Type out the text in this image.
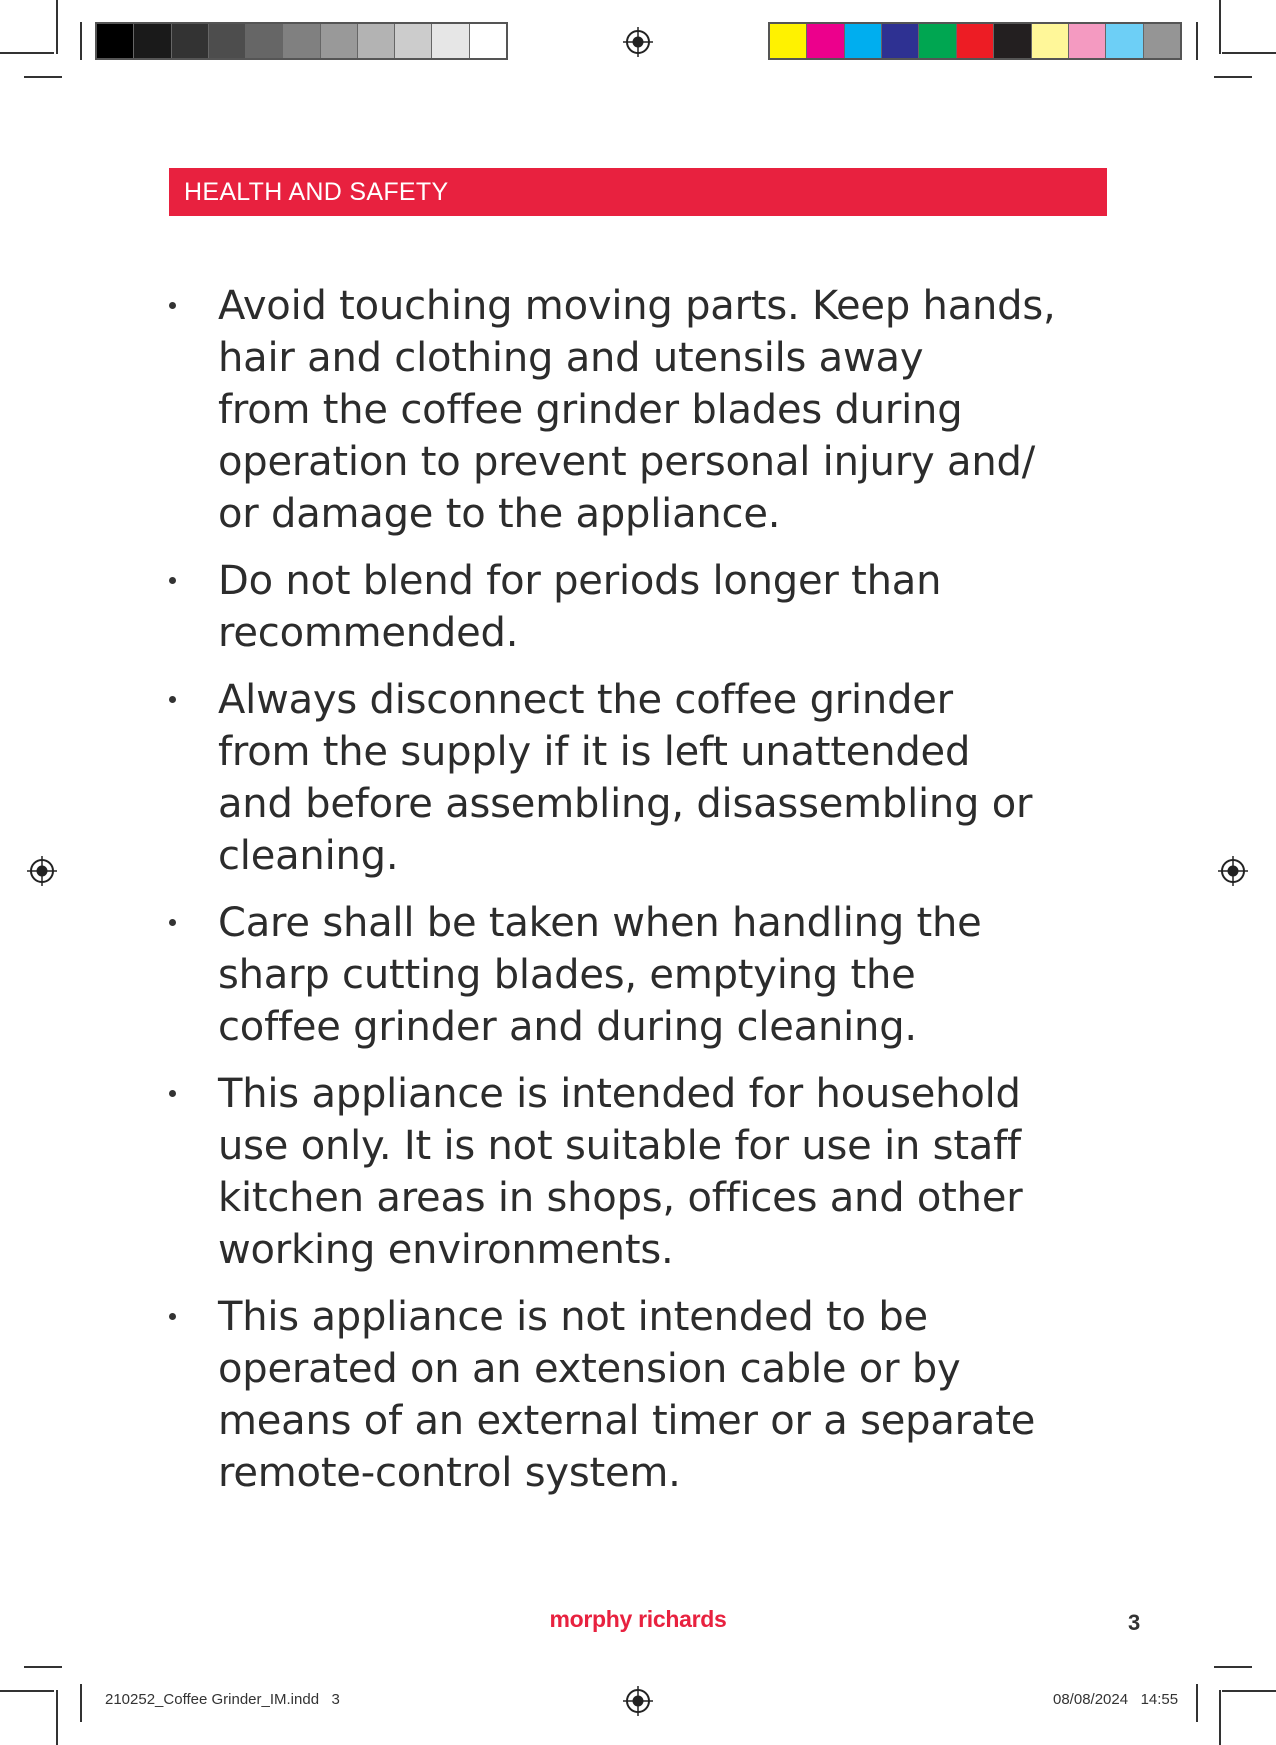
HEALTH AND SAFETY
Avoid touching moving parts. Keep hands,
hair and clothing and utensils away
from the coffee grinder blades during
operation to prevent personal injury and/
or damage to the appliance.
Do not blend for periods longer than
recommended.
Always disconnect the coffee grinder
from the supply if it is left unattended
and before assembling, disassembling or
cleaning.
Care shall be taken when handling the
sharp cutting blades, emptying the
coffee grinder and during cleaning.
This appliance is intended for household
use only. It is not suitable for use in staff
kitchen areas in shops, offices and other
working environments.
This appliance is not intended to be
operated on an extension cable or by
means of an external timer or a separate
remote-control system.
morphy richards	3
210252_Coffee Grinder_IM.indd   3	08/08/2024   14:55
